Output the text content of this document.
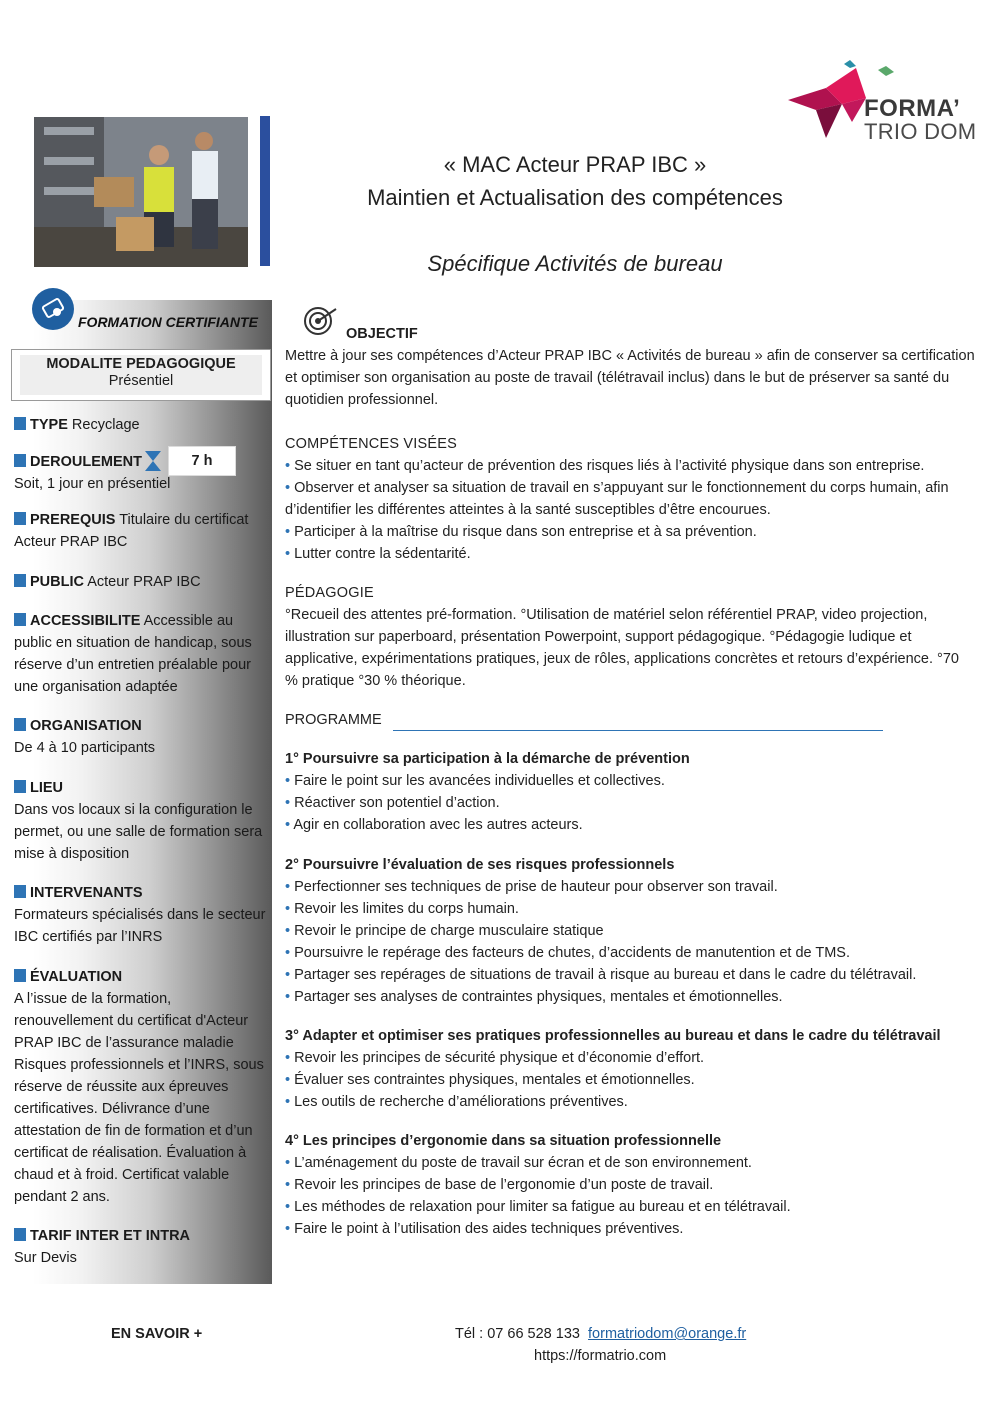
FORMA’
TRIO DOM
« MAC Acteur PRAP IBC »
Maintien et Actualisation des compétences
Spécifique Activités de bureau
FORMATION CERTIFIANTE
MODALITE PEDAGOGIQUE
Présentiel
TYPE Recyclage
DEROULEMENT
Soit, 1 jour en présentiel
7 h
PREREQUIS Titulaire du certificat Acteur PRAP IBC
PUBLIC Acteur PRAP IBC
ACCESSIBILITE Accessible au public en situation de handicap, sous réserve d’un entretien préalable pour une organisation adaptée
ORGANISATION
De 4 à 10 participants
LIEU
Dans vos locaux si la configuration le permet, ou une salle de formation sera mise à disposition
INTERVENANTS
Formateurs spécialisés dans le secteur IBC certifiés par l’INRS
ÉVALUATION
A l’issue de la formation, renouvellement du certificat d'Acteur PRAP IBC de l’assurance maladie Risques professionnels et l’INRS, sous réserve de réussite aux épreuves certificatives. Délivrance d’une attestation de fin de formation et d’un certificat de réalisation. Évaluation à chaud et à froid. Certificat valable pendant 2 ans.
TARIF INTER ET INTRA
Sur Devis
OBJECTIF
Mettre à jour ses compétences d’Acteur PRAP IBC « Activités de bureau » afin de conserver sa certification et optimiser son organisation au poste de travail (télétravail inclus) dans le but de préserver sa santé du quotidien professionnel.
COMPÉTENCES VISÉES
• Se situer en tant qu’acteur de prévention des risques liés à l’activité physique dans son entreprise.
• Observer et analyser sa situation de travail en s’appuyant sur le fonctionnement du corps humain, afin d’identifier les différentes atteintes à la santé susceptibles d’être encourues.
• Participer à la maîtrise du risque dans son entreprise et à sa prévention.
• Lutter contre la sédentarité.
PÉDAGOGIE
°Recueil des attentes pré-formation. °Utilisation de matériel selon référentiel PRAP, video projection, illustration sur paperboard, présentation Powerpoint, support pédagogique. °Pédagogie ludique et applicative, expérimentations pratiques, jeux de rôles, applications concrètes et retours d’expérience. °70 % pratique °30 % théorique.
PROGRAMME
1° Poursuivre sa participation à la démarche de prévention
• Faire le point sur les avancées individuelles et collectives.
• Réactiver son potentiel d’action.
• Agir en collaboration avec les autres acteurs.
2° Poursuivre l’évaluation de ses risques professionnels
• Perfectionner ses techniques de prise de hauteur pour observer son travail.
• Revoir les limites du corps humain.
• Revoir le principe de charge musculaire statique
• Poursuivre le repérage des facteurs de chutes, d’accidents de manutention et de TMS.
• Partager ses repérages de situations de travail à risque au bureau et dans le cadre du télétravail.
• Partager ses analyses de contraintes physiques, mentales et émotionnelles.
3° Adapter et optimiser ses pratiques professionnelles au bureau et dans le cadre du télétravail
• Revoir les principes de sécurité physique et d’économie d’effort.
• Évaluer ses contraintes physiques, mentales et émotionnelles.
• Les outils de recherche d’améliorations préventives.
4° Les principes d’ergonomie dans sa situation professionnelle
• L’aménagement du poste de travail sur écran et de son environnement.
• Revoir les principes de base de l’ergonomie d’un poste de travail.
• Les méthodes de relaxation pour limiter sa fatigue au bureau et en télétravail.
• Faire le point à l’utilisation des aides techniques préventives.
EN SAVOIR +	Tél : 07 66 528 133 formatriodom@orange.fr
https://formatrio.com
